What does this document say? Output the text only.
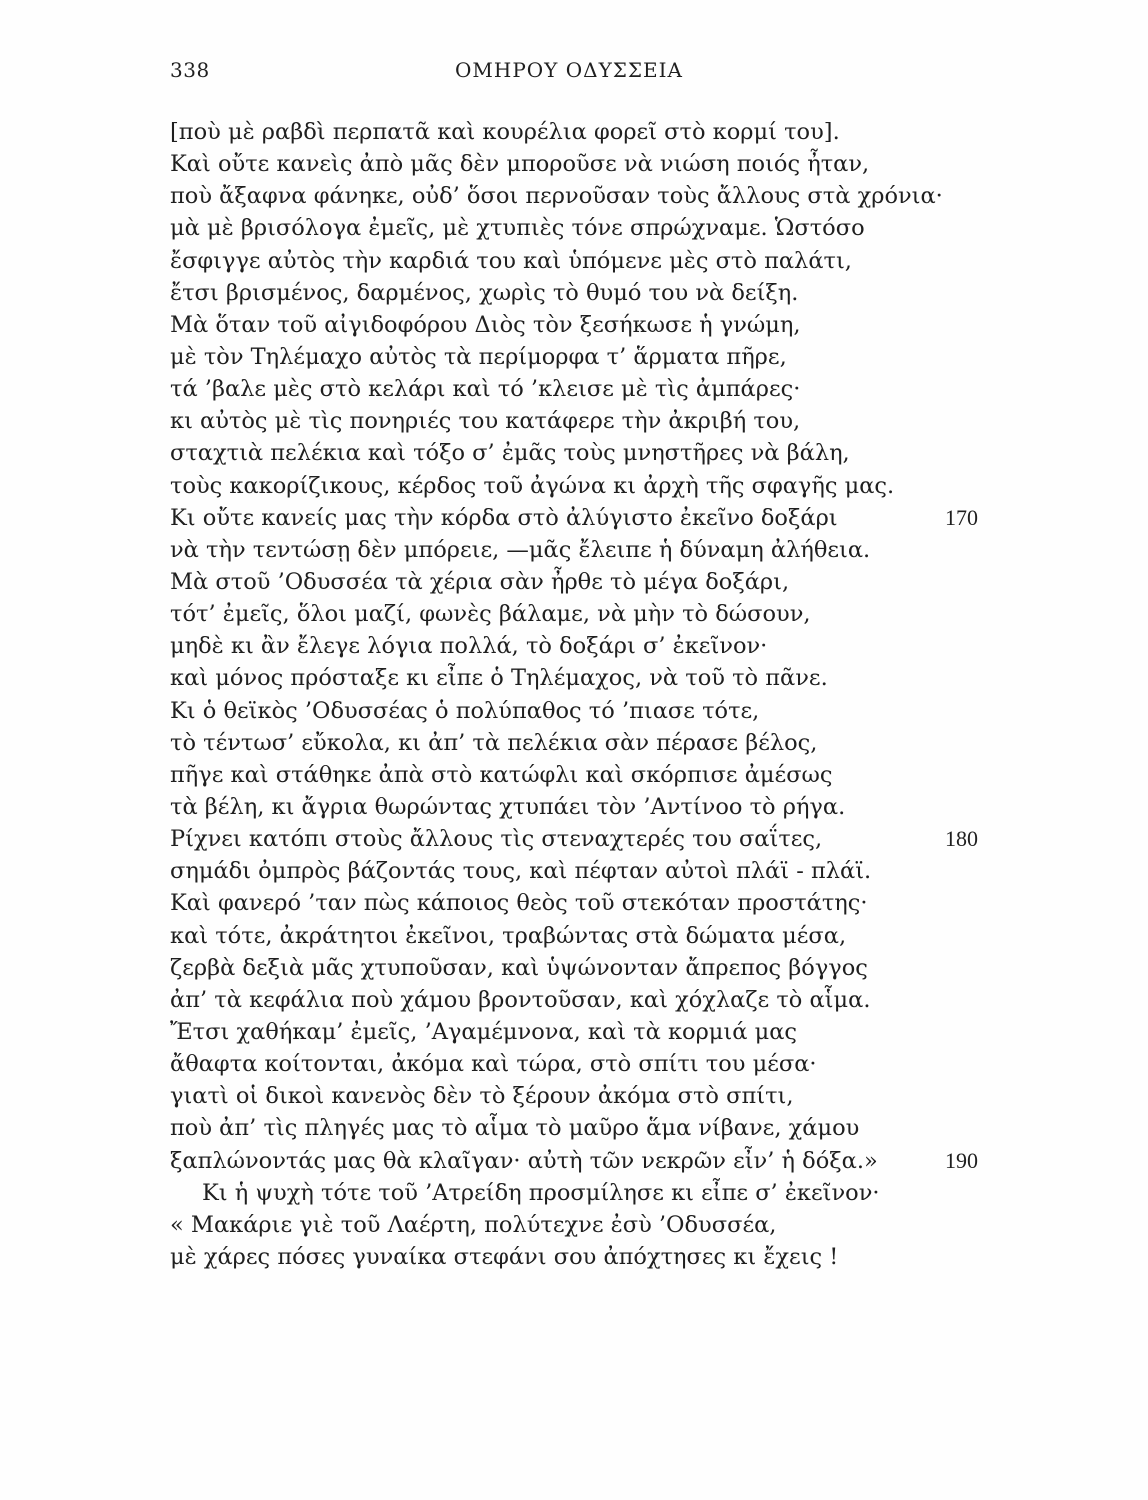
338	ΟΜΗΡΟΥ ΟΔΥΣΣΕΙΑ
[ποὺ μὲ ραβδὶ περπατᾶ καὶ κουρέλια φορεῖ στὸ κορμί του].
Καὶ οὔτε κανεὶς ἀπὸ μᾶς δὲν μποροῦσε νὰ νιώση ποιός ἦταν,
ποὺ ἄξαφνα φάνηκε, οὐδ’ ὅσοι περνοῦσαν τοὺς ἄλλους στὰ χρόνια·
μὰ μὲ βρισόλογα ἐμεῖς, μὲ χτυπιὲς τόνε σπρώχναμε. Ὡστόσο
ἔσφιγγε αὐτὸς τὴν καρδιά του καὶ ὑπόμενε μὲς στὸ παλάτι,
ἔτσι βρισμένος, δαρμένος, χωρὶς τὸ θυμό του νὰ δείξη.
Μὰ ὅταν τοῦ αἰγιδοφόρου Διὸς τὸν ξεσήκωσε ἡ γνώμη,
μὲ τὸν Τηλέμαχο αὐτὸς τὰ περίμορφα τ’ ἅρματα πῆρε,
τά ’βαλε μὲς στὸ κελάρι καὶ τό ’κλεισε μὲ τὶς ἀμπάρες·
κι αὐτὸς μὲ τὶς πονηριές του κατάφερε τὴν ἀκριβή του,
σταχτιὰ πελέκια καὶ τόξο σ’ ἐμᾶς τοὺς μνηστῆρες νὰ βάλη,
τοὺς κακορίζικους, κέρδος τοῦ ἀγώνα κι ἀρχὴ τῆς σφαγῆς μας.
Κι οὔτε κανείς μας τὴν κόρδα στὸ ἀλύγιστο ἐκεῖνο δοξάρι	170
νὰ τὴν τεντώσῃ δὲν μπόρειε, —μᾶς ἔλειπε ἡ δύναμη ἀλήθεια.
Μὰ στοῦ ’Οδυσσέα τὰ χέρια σὰν ἦρθε τὸ μέγα δοξάρι,
τότ’ ἐμεῖς, ὅλοι μαζί, φωνὲς βάλαμε, νὰ μὴν τὸ δώσουν,
μηδὲ κι ἂν ἔλεγε λόγια πολλά, τὸ δοξάρι σ’ ἐκεῖνον·
καὶ μόνος πρόσταξε κι εἶπε ὁ Τηλέμαχος, νὰ τοῦ τὸ πᾶνε.
Κι ὁ θεϊκὸς ’Οδυσσέας ὁ πολύπαθος τό ’πιασε τότε,
τὸ τέντωσ’ εὔκολα, κι ἀπ’ τὰ πελέκια σὰν πέρασε βέλος,
πῆγε καὶ στάθηκε ἀπὰ στὸ κατώφλι καὶ σκόρπισε ἀμέσως
τὰ βέλη, κι ἄγρια θωρώντας χτυπάει τὸν ’Αντίνοο τὸ ρήγα.
Ρίχνει κατόπι στοὺς ἄλλους τὶς στεναχτερές του σαΐτες,	180
σημάδι ὀμπρὸς βάζοντάς τους, καὶ πέφταν αὐτοὶ πλάϊ - πλάϊ.
Καὶ φανερό ’ταν πὼς κάποιος θεὸς τοῦ στεκόταν προστάτης·
καὶ τότε, ἀκράτητοι ἐκεῖνοι, τραβώντας στὰ δώματα μέσα,
ζερβὰ δεξιὰ μᾶς χτυποῦσαν, καὶ ὑψώνονταν ἄπρεπος βόγγος
ἀπ’ τὰ κεφάλια ποὺ χάμου βροντοῦσαν, καὶ χόχλαζε τὸ αἷμα.
Ἔτσι χαθήκαμ’ ἐμεῖς, ’Αγαμέμνονα, καὶ τὰ κορμιά μας
ἄθαφτα κοίτονται, ἀκόμα καὶ τώρα, στὸ σπίτι του μέσα·
γιατὶ οἱ δικοὶ κανενὸς δὲν τὸ ξέρουν ἀκόμα στὸ σπίτι,
ποὺ ἀπ’ τὶς πληγές μας τὸ αἷμα τὸ μαῦρο ἅμα νίβανε, χάμου
ξαπλώνοντάς μας θὰ κλαῖγαν· αὐτὴ τῶν νεκρῶν εἶν’ ἡ δόξα.»	190
Κι ἡ ψυχὴ τότε τοῦ ’Ατρείδη προσμίλησε κι εἶπε σ’ ἐκεῖνον·
« Μακάριε γιὲ τοῦ Λαέρτη, πολύτεχνε ἐσὺ ’Οδυσσέα,
μὲ χάρες πόσες γυναίκα στεφάνι σου ἀπόχτησες κι ἔχεις !
